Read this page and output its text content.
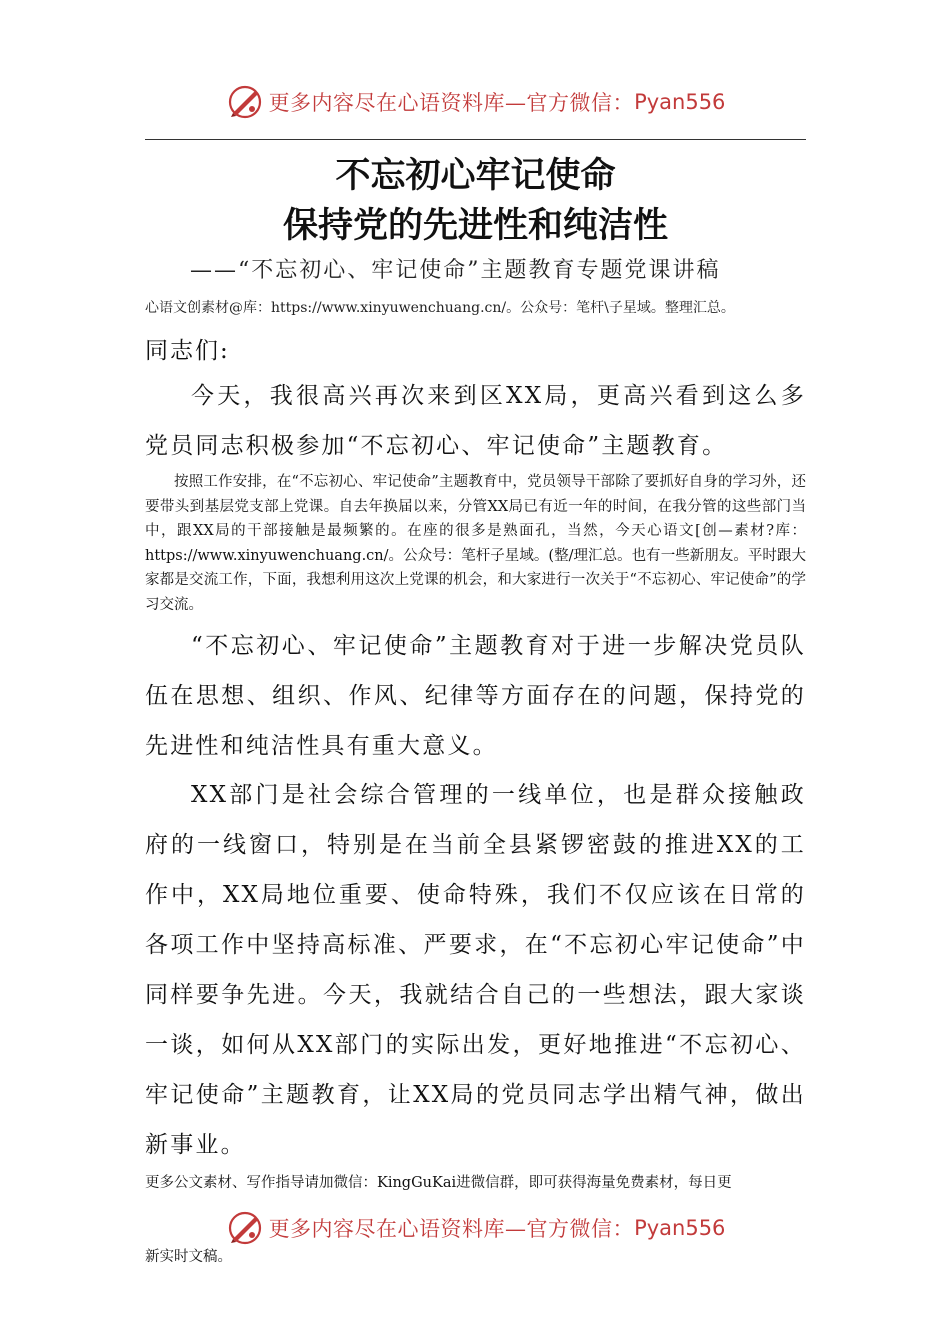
更多内容尽在心语资料库—官方微信： Pyan556
不忘初心牢记使命
保持党的先进性和纯洁性
——“不忘初心、牢记使命”主题教育专题党课讲稿
心语文创素材@库：https://www.xinyuwenchuang.cn/。公众号：笔杆\子星域。整理汇总。
同志们:

今天，我很高兴再次来到区XX局，更高兴看到这么多党员同志积极参加“不忘初心、牢记使命”主题教育。

按照工作安排，在“不忘初心、牢记使命”主题教育中，党员领导干部除了要抓好自身的学习外，还要带头到基层党支部上党课。自去年换届以来，分管XX局已有近一年的时间，在我分管的这些部门当中，跟XX局的干部接触是最频繁的。在座的很多是熟面孔，当然，今天心语文[创—素材?库：https://www.xinyuwenchuang.cn/。公众号：笔杆子星域。(整/理汇总。也有一些新朋友。平时跟大家都是交流工作，下面，我想利用这次上党课的机会，和大家进行一次关于“不忘初心、牢记使命”的学习交流。

“不忘初心、牢记使命”主题教育对于进一步解决党员队伍在思想、组织、作风、纪律等方面存在的问题，保持党的先进性和纯洁性具有重大意义。

XX部门是社会综合管理的一线单位，也是群众接触政府的一线窗口，特别是在当前全县紧锣密鼓的推进XX的工作中，XX局地位重要、使命特殊，我们不仅应该在日常的各项工作中坚持高标准、严要求，在“不忘初心牢记使命”中同样要争先进。今天，我就结合自己的一些想法，跟大家谈一谈，如何从XX部门的实际出发，更好地推进“不忘初心、牢记使命”主题教育，让XX局的党员同志学出精气神，做出新事业。

更多公文素材、写作指导请加微信：KingGuKai进微信群，即可获得海量免费素材，每日更
更多内容尽在心语资料库—官方微信： Pyan556
新实时文稿。
